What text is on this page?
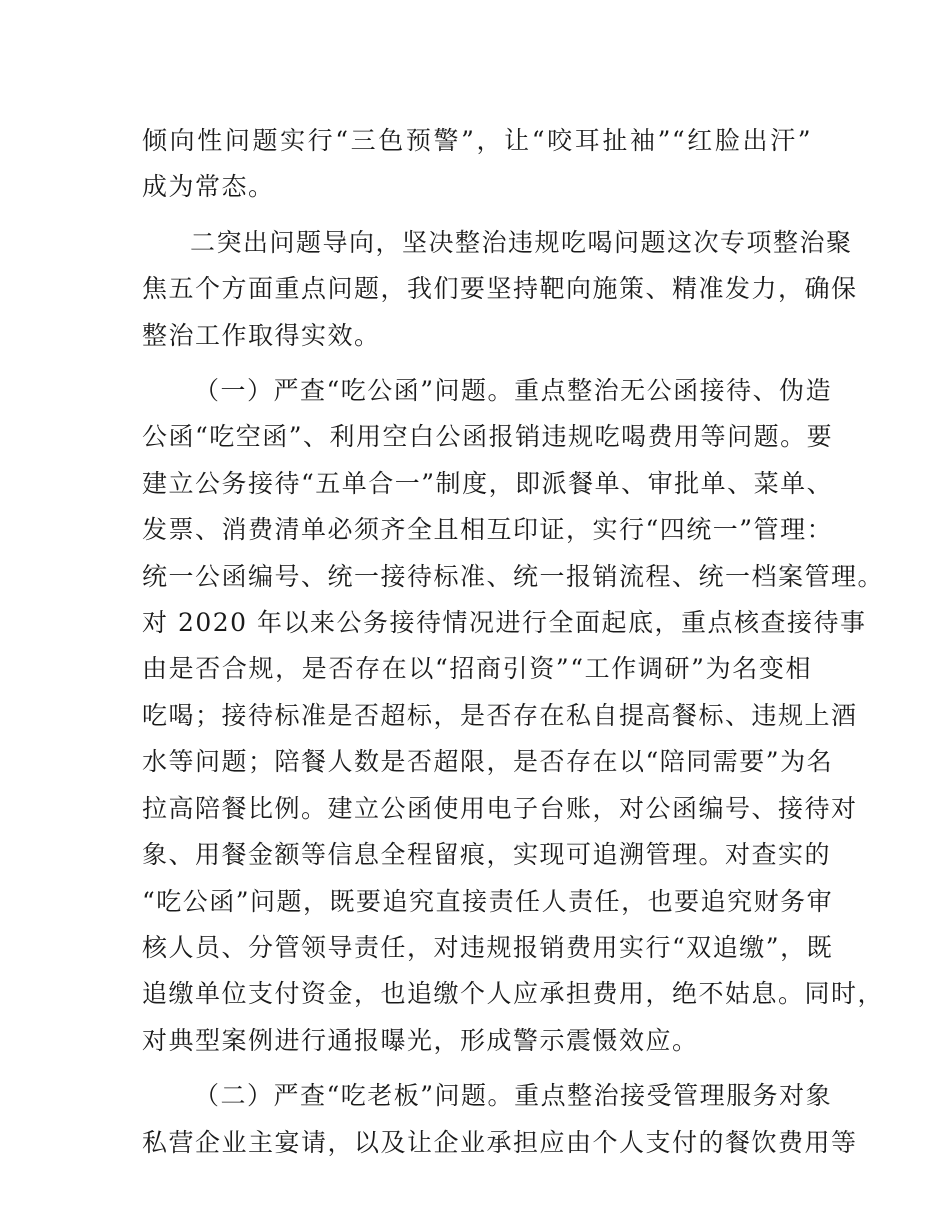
倾向性问题实行“三色预警”，让“咬耳扯袖”“红脸出汗”
成为常态。
二突出问题导向，坚决整治违规吃喝问题这次专项整治聚
焦五个方面重点问题，我们要坚持靶向施策、精准发力，确保
整治工作取得实效。
（一）严查“吃公函”问题。重点整治无公函接待、伪造
公函“吃空函”、利用空白公函报销违规吃喝费用等问题。要
建立公务接待“五单合一”制度，即派餐单、审批单、菜单、
发票、消费清单必须齐全且相互印证，实行“四统一”管理：
统一公函编号、统一接待标准、统一报销流程、统一档案管理。
对 2020 年以来公务接待情况进行全面起底，重点核查接待事
由是否合规，是否存在以“招商引资”“工作调研”为名变相
吃喝；接待标准是否超标，是否存在私自提高餐标、违规上酒
水等问题；陪餐人数是否超限，是否存在以“陪同需要”为名
拉高陪餐比例。建立公函使用电子台账，对公函编号、接待对
象、用餐金额等信息全程留痕，实现可追溯管理。对查实的
“吃公函”问题，既要追究直接责任人责任，也要追究财务审
核人员、分管领导责任，对违规报销费用实行“双追缴”，既
追缴单位支付资金，也追缴个人应承担费用，绝不姑息。同时，
对典型案例进行通报曝光，形成警示震慑效应。
（二）严查“吃老板”问题。重点整治接受管理服务对象
私营企业主宴请，以及让企业承担应由个人支付的餐饮费用等
